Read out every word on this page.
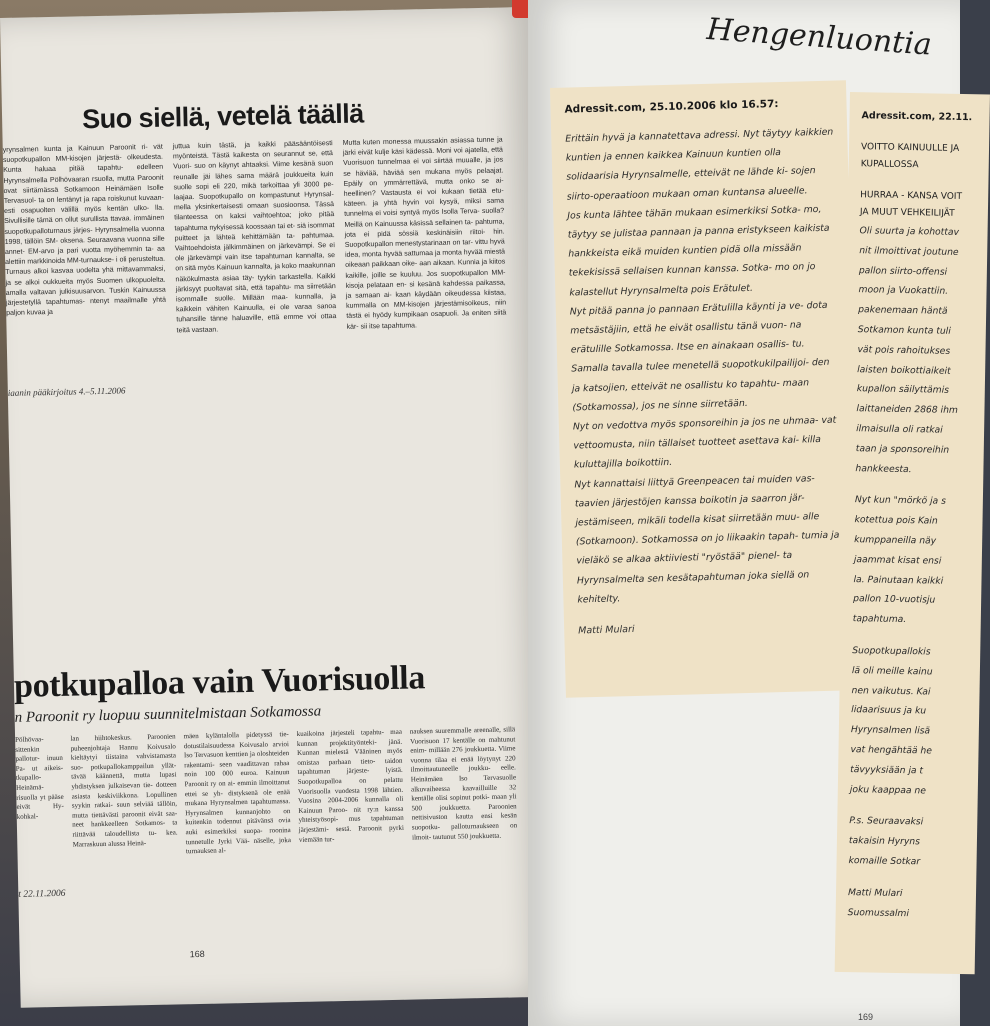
Suo siellä, vetelä täällä
yrynsalmen kunta ja Kainuun Paroonit ri- vät suopotkupallon MM-kisojen järjestä- olkeudesta. Kunta haluaa pitää tapahtu- edelleen Hyrynsalmella Pölhövaaran rsuolla, mutta Paroonit ovat siirtämässä Sotkamoon Heinämäen Isolle Tervasuol- ta on lentänyt ja rapa roiskunut kuvaan- esti osapuolten välillä myös kentän ulko- lla. Sivullisille tämä on ollut surullista ttavaa. immäinen suopotkupalloturnaus järjes- Hyrynsalmella vuonna 1998, tällöin SM- oksena. Seuraavana vuonna sille annet- EM-arvo ja pari vuotta myöhemmin ta- aa alettiin markkinoida MM-turnaukse- i oli perusteltua. Turnaus alkoi kasvaa uodelta yhä mittavammaksi, ja se alkoi oukkueita myös Suomen ulkopuolelta. amalla valtavan julkisuusarvon. Tuskin Kainuussa järjestetyllä tapahtumas- ntenyt maailmalle yhtä paljon kuvaa ja
juttua kuin tästä, ja kaikki pääsääntöisesti myönteistä. Tästä kaikesta on seurannut se, että Vuori- suo on käynyt ahtaaksi. Viime kesänä suon reunalle jäi lähes sama määrä joukkueita kuin suolle sopi eli 220, mikä tarkoittaa yli 3000 pe- laajaa. Suopotkupallo on kompastunut Hyrynsal- mella yksinkertaisesti omaan suosioonsa. Tässä tilanteessa on kaksi vaihtoehtoa; joko pitää tapahtuma nykyisessä koossaan tai et- siä isommat puitteet ja lähteä kehittämään ta- pahtumaa. Vaihtoehdoista jälkimmäinen on järkevämpi. Se ei ole järkevämpi vain itse tapahtuman kannalta, se on sitä myös Kainuun kannalta, ja koko maakunnan näkökulmasta asiaa täy- tyykin tarkastella. Kaikki järkisyyt puoltavat sitä, että tapahtu- ma siirretään isommalle suolle. Millään maa- kunnalla, ja kaikkein vähiten Kainuulla, ei ole varaa sanoa tuhansille tänne haluaville, että emme voi ottaa teitä vastaan.
Mutta kuten monessa muussakin asiassa tunne ja järki eivät kulje käsi kädessä. Moni voi ajatella, että Vuorisuon tunnelmaa ei voi siirtää muualle, ja jos se häviää, häviää sen mukana myös pelaajat. Epäily on ymmärrettävä, mutta onko se ai- heellinen? Vastausta ei voi kukaan tietää etu- käteen. ja yhtä hyvin voi kysyä, miksi sama tunnelma ei voisi syntyä myös Isolla Terva- suolla? Meillä on Kainuussa käsissä sellainen ta- pahtuma, jota ei pidä sössiä keskinäisiin riitoi- hin. Suopotkupallon menestystarinaan on tar- vittu hyvä idea, monta hyvää sattumaa ja monta hyvää miestä oikeaan paikkaan oike- aan aikaan. Kunnia ja kiitos kaikille, joille se kuuluu. Jos suopotkupallon MM-kisoja pelataan en- si kesänä kahdessa paikassa, ja samaan ai- kaan käydään oikeudessa kiistaa, kummalla on MM-kisojen järjestämisoikeus, niin tästä ei hyödy kumpikaan osapuoli. Ja eniten siitä kär- sii itse tapahtuma.
iaanin pääkirjoitus 4.–5.11.2006
potkupalloa vain Vuorisuolla
n Paroonit ry luopuu suunnitelmistaan Sotkamossa
Pölhövaa- sittenkin pallotur- inuun Pa- ut aikeis- tkupallo- Heinämä- risuolla yt pääse eivät Hy- kohkal-
lan hiihtokeskus. Paroonien puheenjohtaja Hannu Koivusalo kieltäytyi tiistaina vahvistamasta suo- potkupallokamppailun yllät- tävää käännettä, mutta lupasi yhdistyksen julkaisevan tie- dotteen asiasta keskiviikkona. Lopullinen syykin ratkai- suun selviää tällöin, mutta tiettävästi paroonit eivät saa- neet hankkeelleen Sotkamos- ta riittävää taloudellista tu- kea. Marraskuun alussa Heinä-
mäen kyläntalolla pidetyssä tie- dotustilaisuudessa Koivusalo arvioi Iso Tervasuon kenttien ja oloshteiden rakentami- seen vaadittavan rahaa noin 100 000 euroa. Kainuun Paroonit ry on ai- emmin ilmoittanut ettei se yh- distyksenä ole enää mukana Hyrynsalmen tapahtumassa. Hyrynsalmen kunnanjohto on kuitenkin todennut pitävänsä ovia auki esimerkiksi suopa- roonina tunnetulle Jyrki Vää- näselle, joka turnauksen al-
kuaikoina järjesteli tapahtu- maa kunnan projektityönteki- jänä. Kunnan mielestä Vääninen myös omistaa parhaan tieto- taidon tapahtuman järjeste- lyistä. Suopotkupalloa on pelattu Vuorisuolla vuodesta 1998 lähtien. Vuosina 2004-2006 kunnalla oli Kainuun Paroo- nit ry:n kanssa yhteistyösopi- mus tapahtuman järjestämi- sestä. Paroonit pyrki viemään tur-
nauksen suuremmalle areenalle, sillä Vuorisuon 17 kentälle on mahtunut enim- millään 276 joukkuetta. Viime vuonna tilaa ei enää löytynyt 220 ilmoittautuneelle joukku- eelle. Heinämäen Iso Tervasuolle alkuvaiheessa kaavailluille 32 kentälle olisi sopinut potki- maan yli 500 joukkuetta. Paroonien nettisivuston kautta ensi kesän suopotku- palloturnaukseen on ilmoit- tautunut 550 joukkuetta.
t 22.11.2006
168
Hengenluontia
Adressit.com, 25.10.2006 klo 16.57:

Erittäin hyvä ja kannatettava adressi. Nyt täytyy kaikkien kuntien ja ennen kaikkea Kainuun kuntien olla solidaarisia Hyrynsalmelle, etteivät ne lähde ki- sojen siirto-operaatioon mukaan oman kuntansa alueelle.

Jos kunta lähtee tähän mukaan esimerkiksi Sotka- mo, täytyy se julistaa pannaan ja panna eristykseen kaikista hankkeista eikä muiden kuntien pidä olla missään tekekisissä sellaisen kunnan kanssa. Sotka- mo on jo kalastellut Hyrynsalmelta pois Erätulet.

Nyt pitää panna jo pannaan Erätulilla käynti ja ve- dota metsästäjiin, että he eivät osallistu tänä vuon- na erätulille Sotkamossa. Itse en ainakaan osallis- tu.

Samalla tavalla tulee menetellä suopotkukilpailijoi- den ja katsojien, etteivät ne osallistu ko tapahtu- maan (Sotkamossa), jos ne sinne siirretään.

Nyt on vedottva myös sponsoreihin ja jos ne uhmaa- vat vettoomusta, niin tällaiset tuotteet asettava kai- killa kuluttajilla boikottiin.

Nyt kannattaisi liittyä Greenpeacen tai muiden vas- taavien järjestöjen kanssa boikotin ja saarron jär- jestämiseen, mikäli todella kisat siirretään muu- alle (Sotkamoon). Sotkamossa on jo liikaakin tapah- tumia ja vieläkö se alkaa aktiiviesti "ryöstää" pienel- ta Hyrynsalmelta sen kesätapahtuman joka siellä on kehitelty.

Matti Mulari
Adressit.com, 22.11.
VOITTO KAINUULLE JA
KUPALLOSSA
HURRAA - KANSA VOIT
JA MUUT VEHKEILIJÄT
Oli suurta ja kohottav
nit ilmoittivat joutune
pallon siirto-offensi
moon ja Vuokattiin.
pakenemaan häntä
Sotkamon kunta tuli
vät pois rahoitukses
laisten boikottiaikeit
kupallon säilyttämis
laittaneiden 2868 ihm
ilmaisulla oli ratkai
taan ja sponsoreihin
hankkeesta.
Nyt kun "mörkö ja s
kotettua pois Kain
kumppaneilla näy
jaammat kisat ensi
la. Painutaan kaikki
pallon 10-vuotisju
tapahtuma.
Suopotkupallokis
lä oli meille kainu
nen vaikutus. Kai
lidaarisuus ja ku
Hyrynsalmen lisä
vat hengähtää he
tävyyksiään ja t
joku kaappaa ne
P.s. Seuraavaksi
takaisin Hyryns
komaille Sotkar
Matti Mulari
Suomussalmi
169
